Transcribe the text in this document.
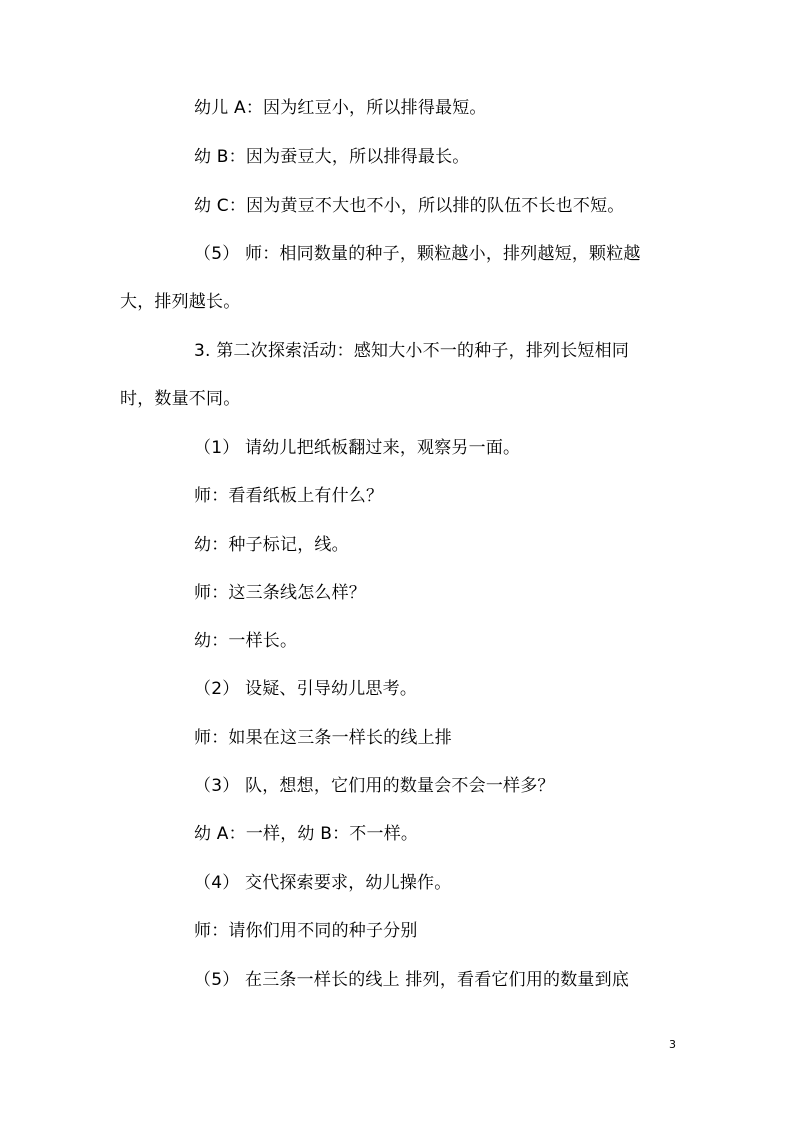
幼儿 A：因为红豆小，所以排得最短。
幼 B：因为蚕豆大，所以排得最长。
幼 C：因为黄豆不大也不小，所以排的队伍不长也不短。
（5） 师：相同数量的种子，颗粒越小，排列越短，颗粒越
大，排列越长。
3. 第二次探索活动：感知大小不一的种子，排列长短相同
时，数量不同。
（1） 请幼儿把纸板翻过来，观察另一面。
师：看看纸板上有什么？
幼：种子标记，线。
师：这三条线怎么样？
幼：一样长。
（2） 设疑、引导幼儿思考。
师：如果在这三条一样长的线上排
（3） 队，想想，它们用的数量会不会一样多？
幼 A：一样，幼 B：不一样。
（4） 交代探索要求，幼儿操作。
师：请你们用不同的种子分别
（5） 在三条一样长的线上 排列，看看它们用的数量到底
3
